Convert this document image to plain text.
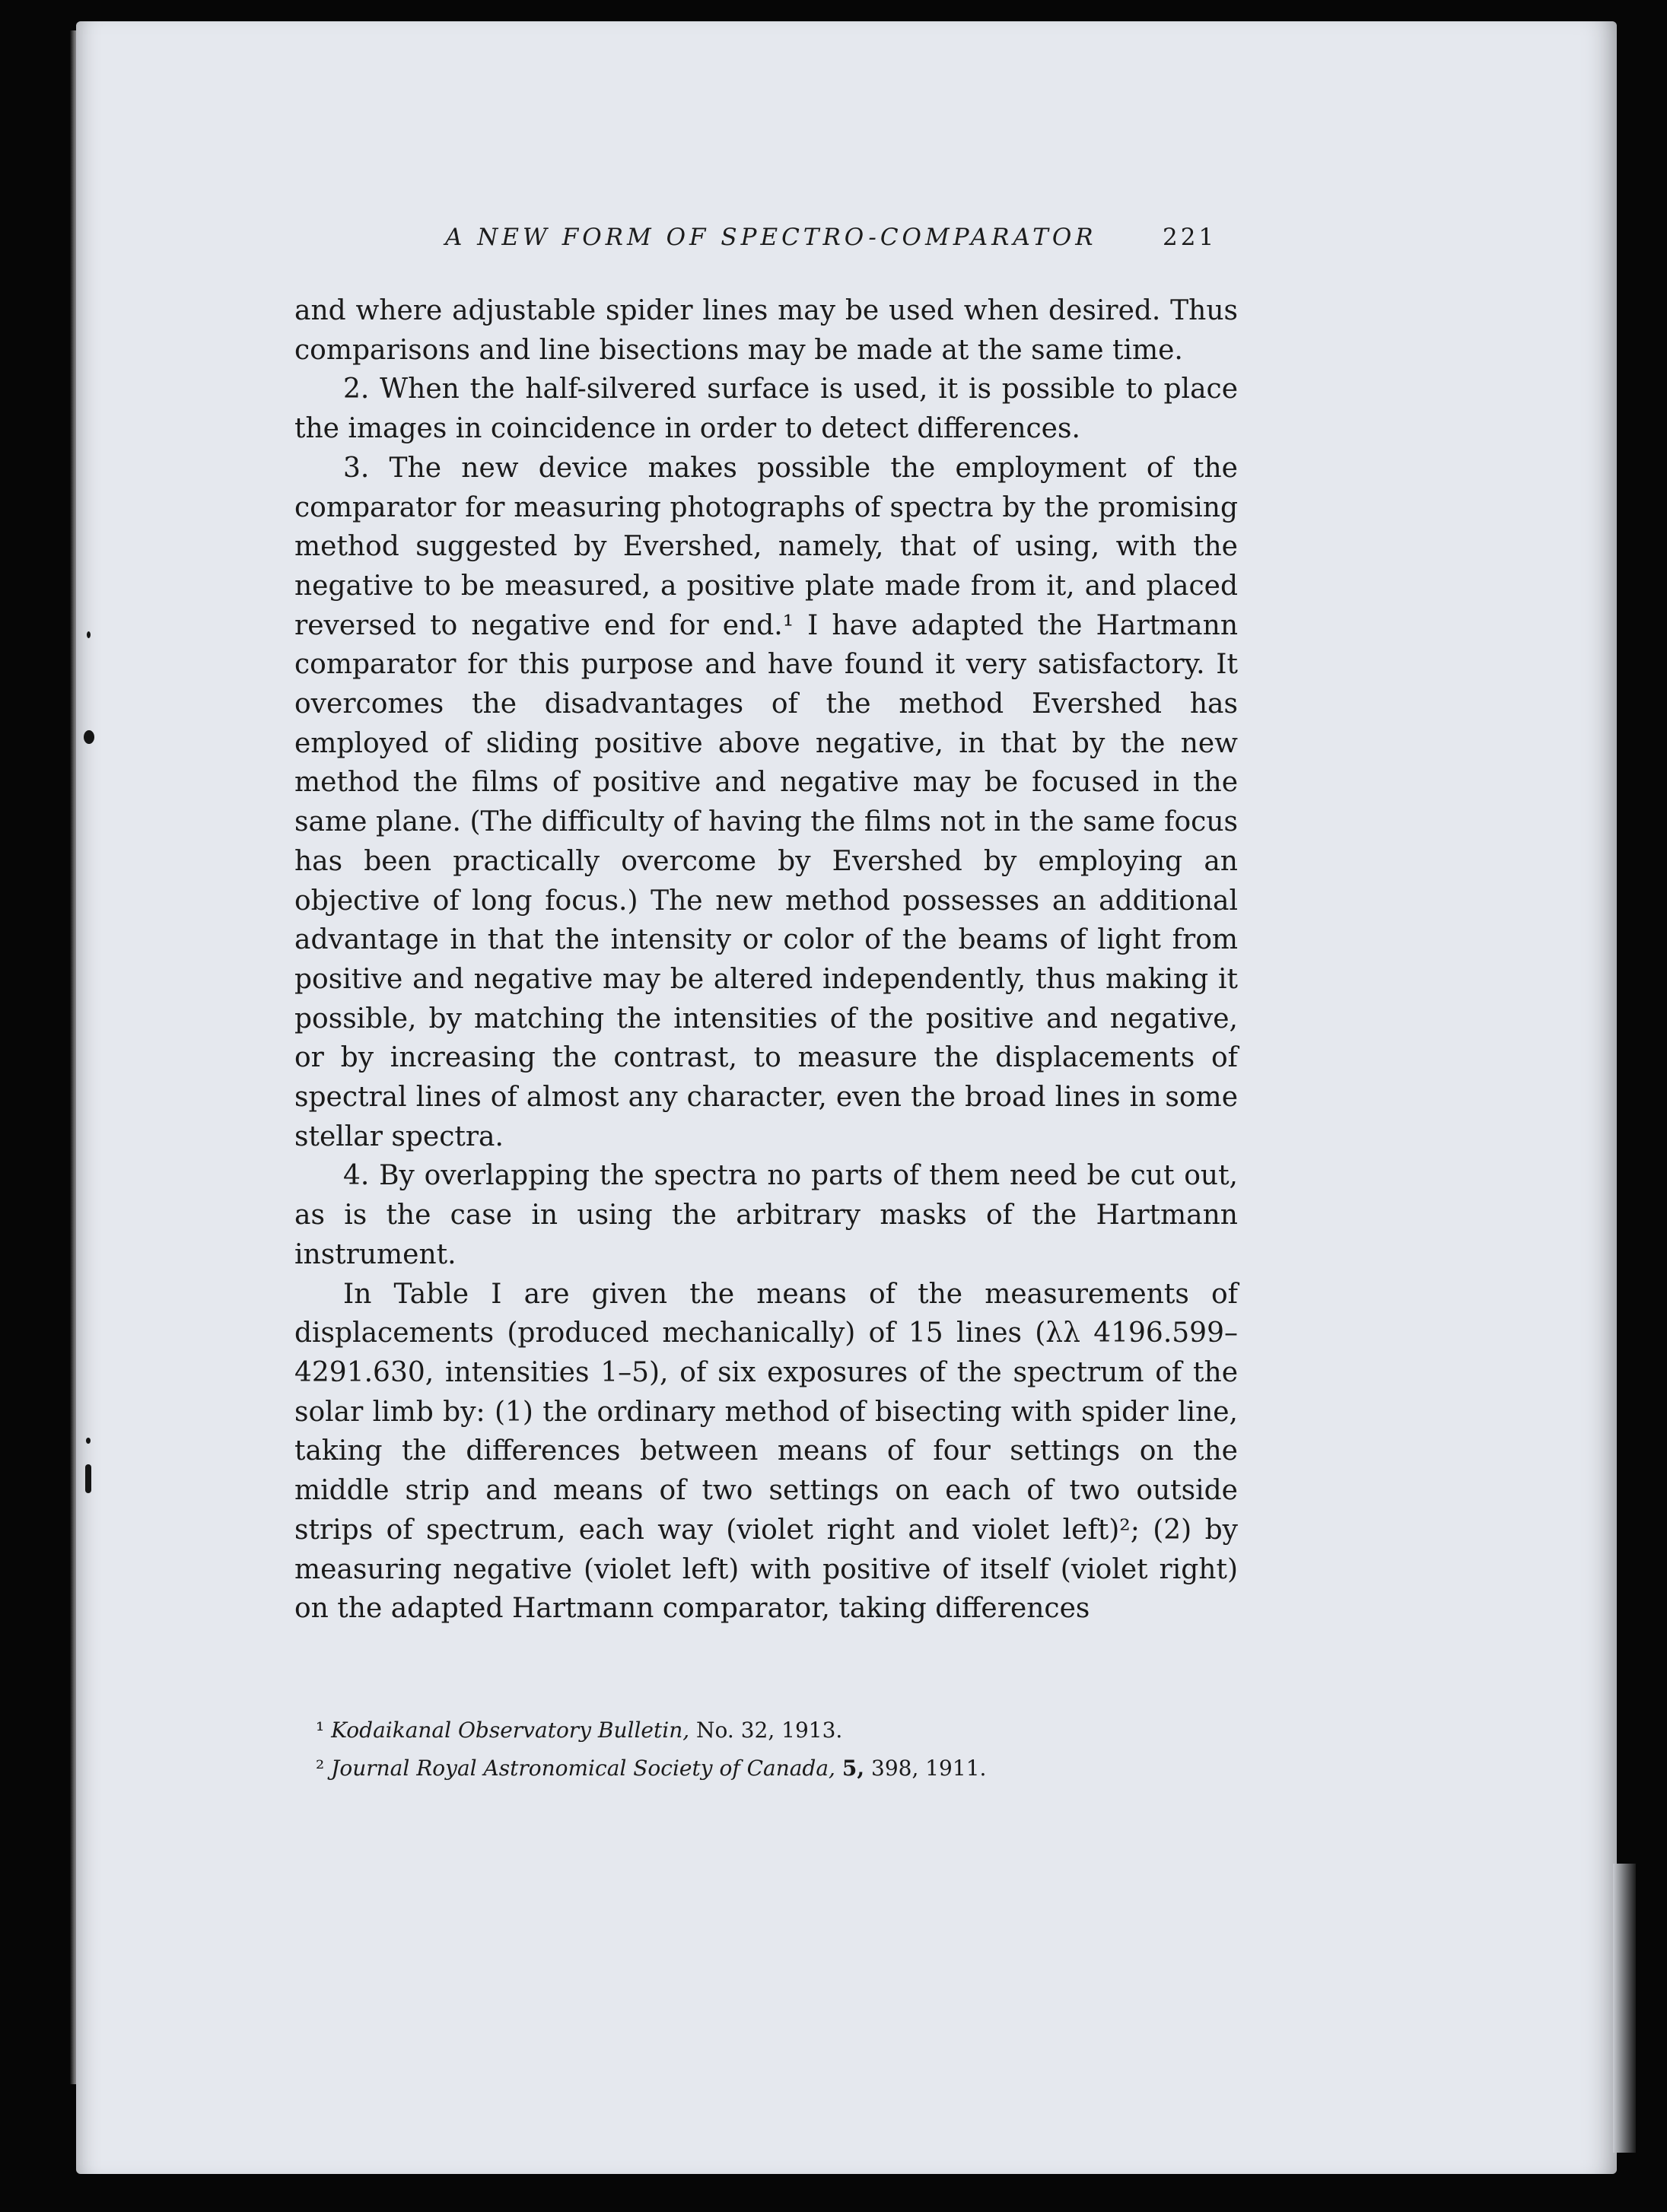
A NEW FORM OF SPECTRO-COMPARATOR	221

and where adjustable spider lines may be used when desired. Thus comparisons and line bisections may be made at the same time.

2. When the half-silvered surface is used, it is possible to place the images in coincidence in order to detect differences.

3. The new device makes possible the employment of the comparator for measuring photographs of spectra by the promising method suggested by Evershed, namely, that of using, with the negative to be measured, a positive plate made from it, and placed reversed to negative end for end.¹ I have adapted the Hartmann comparator for this purpose and have found it very satisfactory. It overcomes the disadvantages of the method Evershed has employed of sliding positive above negative, in that by the new method the films of positive and negative may be focused in the same plane. (The difficulty of having the films not in the same focus has been practically overcome by Evershed by employing an objective of long focus.) The new method possesses an additional advantage in that the intensity or color of the beams of light from positive and negative may be altered independently, thus making it possible, by matching the intensities of the positive and negative, or by increasing the contrast, to measure the displacements of spectral lines of almost any character, even the broad lines in some stellar spectra.

4. By overlapping the spectra no parts of them need be cut out, as is the case in using the arbitrary masks of the Hartmann instrument.

In Table I are given the means of the measurements of displacements (produced mechanically) of 15 lines (λλ 4196.599–4291.630, intensities 1–5), of six exposures of the spectrum of the solar limb by: (1) the ordinary method of bisecting with spider line, taking the differences between means of four settings on the middle strip and means of two settings on each of two outside strips of spectrum, each way (violet right and violet left)²; (2) by measuring negative (violet left) with positive of itself (violet right) on the adapted Hartmann comparator, taking differences

¹ Kodaikanal Observatory Bulletin, No. 32, 1913.

² Journal Royal Astronomical Society of Canada, 5, 398, 1911.
